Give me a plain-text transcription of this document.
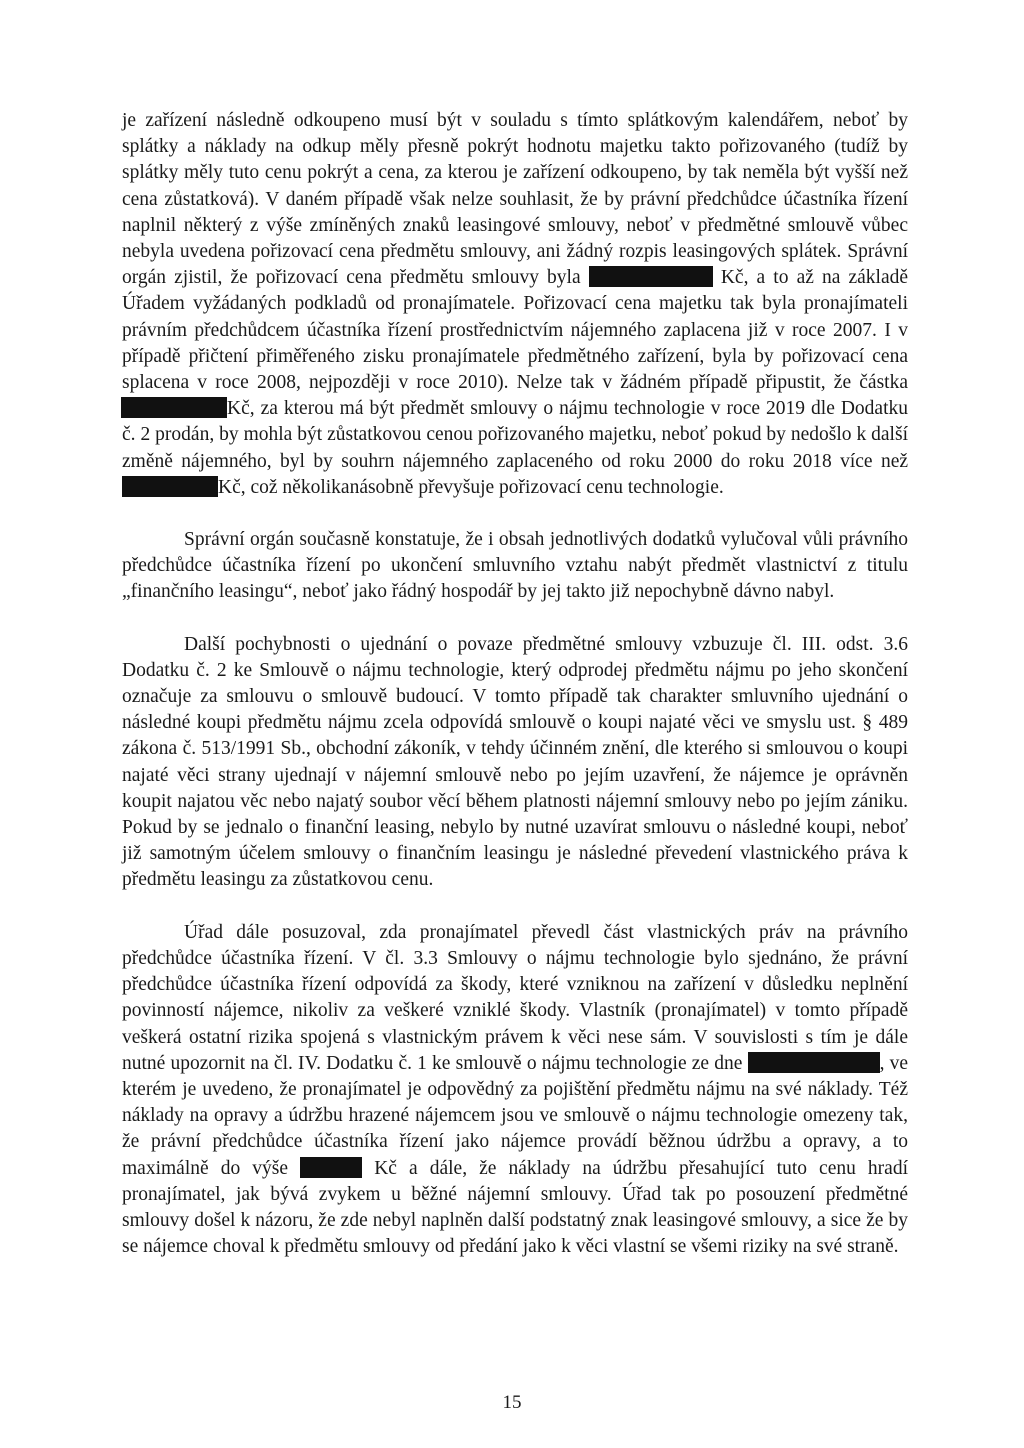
je zařízení následně odkoupeno musí být v souladu s tímto splátkovým kalendářem, neboť by splátky a náklady na odkup měly přesně pokrýt hodnotu majetku takto pořizovaného (tudíž by splátky měly tuto cenu pokrýt a cena, za kterou je zařízení odkoupeno, by tak neměla být vyšší než cena zůstatková). V daném případě však nelze souhlasit, že by právní předchůdce účastníka řízení naplnil některý z výše zmíněných znaků leasingové smlouvy, neboť v předmětné smlouvě vůbec nebyla uvedena pořizovací cena předmětu smlouvy, ani žádný rozpis leasingových splátek. Správní orgán zjistil, že pořizovací cena předmětu smlouvy byla	Kč, a to až na základě Úřadem vyžádaných podkladů od pronajímatele. Pořizovací cena majetku tak byla pronajímateli právním předchůdcem účastníka řízení prostřednictvím nájemného zaplacena již v roce 2007. I v případě přičtení přiměřeného zisku pronajímatele předmětného zařízení, byla by pořizovací cena splacena v roce 2008, nejpozději v roce 2010). Nelze tak v žádném případě připustit, že částka Kč, za kterou má být předmět smlouvy o nájmu technologie v roce 2019 dle Dodatku č. 2 prodán, by mohla být zůstatkovou cenou pořizovaného majetku, neboť pokud by nedošlo k další změně nájemného, byl by souhrn nájemného zaplaceného od roku 2000 do roku 2018 více než Kč, což několikanásobně převyšuje pořizovací cenu technologie.

Správní orgán současně konstatuje, že i obsah jednotlivých dodatků vylučoval vůli právního předchůdce účastníka řízení po ukončení smluvního vztahu nabýt předmět vlastnictví z titulu „finančního leasingu“, neboť jako řádný hospodář by jej takto již nepochybně dávno nabyl.

Další pochybnosti o ujednání o povaze předmětné smlouvy vzbuzuje čl. III. odst. 3.6 Dodatku č. 2 ke Smlouvě o nájmu technologie, který odprodej předmětu nájmu po jeho skončení označuje za smlouvu o smlouvě budoucí. V tomto případě tak charakter smluvního ujednání o následné koupi předmětu nájmu zcela odpovídá smlouvě o koupi najaté věci ve smyslu ust. § 489 zákona č. 513/1991 Sb., obchodní zákoník, v tehdy účinném znění, dle kterého si smlouvou o koupi najaté věci strany ujednají v nájemní smlouvě nebo po jejím uzavření, že nájemce je oprávněn koupit najatou věc nebo najatý soubor věcí během platnosti nájemní smlouvy nebo po jejím zániku. Pokud by se jednalo o finanční leasing, nebylo by nutné uzavírat smlouvu o následné koupi, neboť již samotným účelem smlouvy o finančním leasingu je následné převedení vlastnického práva k předmětu leasingu za zůstatkovou cenu.

Úřad dále posuzoval, zda pronajímatel převedl část vlastnických práv na právního předchůdce účastníka řízení. V čl. 3.3 Smlouvy o nájmu technologie bylo sjednáno, že právní předchůdce účastníka řízení odpovídá za škody, které vzniknou na zařízení v důsledku neplnění povinností nájemce, nikoliv za veškeré vzniklé škody. Vlastník (pronajímatel) v tomto případě veškerá ostatní rizika spojená s vlastnickým právem k věci nese sám. V souvislosti s tím je dále nutné upozornit na čl. IV. Dodatku č. 1 ke smlouvě o nájmu technologie ze dne	, ve kterém je uvedeno, že pronajímatel je odpovědný za pojištění předmětu nájmu na své náklady. Též náklady na opravy a údržbu hrazené nájemcem jsou ve smlouvě o nájmu technologie omezeny tak, že právní předchůdce účastníka řízení jako nájemce provádí běžnou údržbu a opravy, a to maximálně do výše	Kč a dále, že náklady na údržbu přesahující tuto cenu hradí pronajímatel, jak bývá zvykem u běžné nájemní smlouvy. Úřad tak po posouzení předmětné smlouvy došel k názoru, že zde nebyl naplněn další podstatný znak leasingové smlouvy, a sice že by se nájemce choval k předmětu smlouvy od předání jako k věci vlastní se všemi riziky na své straně.

15
